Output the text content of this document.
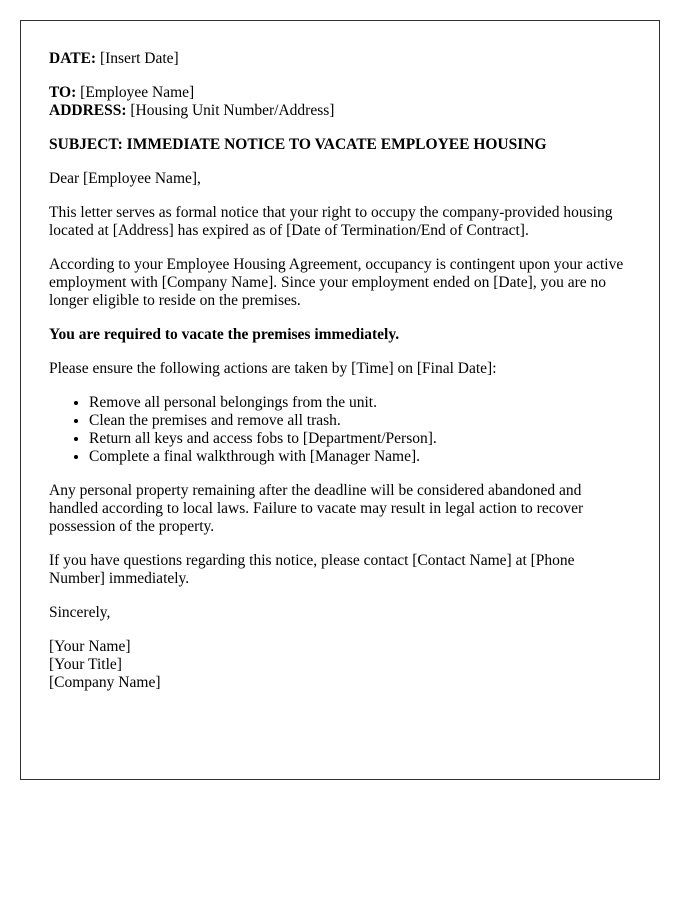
DATE: [Insert Date]

TO: [Employee Name]

ADDRESS: [Housing Unit Number/Address]

SUBJECT: IMMEDIATE NOTICE TO VACATE EMPLOYEE HOUSING

Dear [Employee Name],

This letter serves as formal notice that your right to occupy the company-provided housing located at [Address] has expired as of [Date of Termination/End of Contract].

According to your Employee Housing Agreement, occupancy is contingent upon your active employment with [Company Name]. Since your employment ended on [Date], you are no longer eligible to reside on the premises.

You are required to vacate the premises immediately.

Please ensure the following actions are taken by [Time] on [Final Date]:

• Remove all personal belongings from the unit.
• Clean the premises and remove all trash.
• Return all keys and access fobs to [Department/Person].
• Complete a final walkthrough with [Manager Name].

Any personal property remaining after the deadline will be considered abandoned and handled according to local laws. Failure to vacate may result in legal action to recover possession of the property.

If you have questions regarding this notice, please contact [Contact Name] at [Phone Number] immediately.

Sincerely,

[Your Name]

[Your Title]

[Company Name]
